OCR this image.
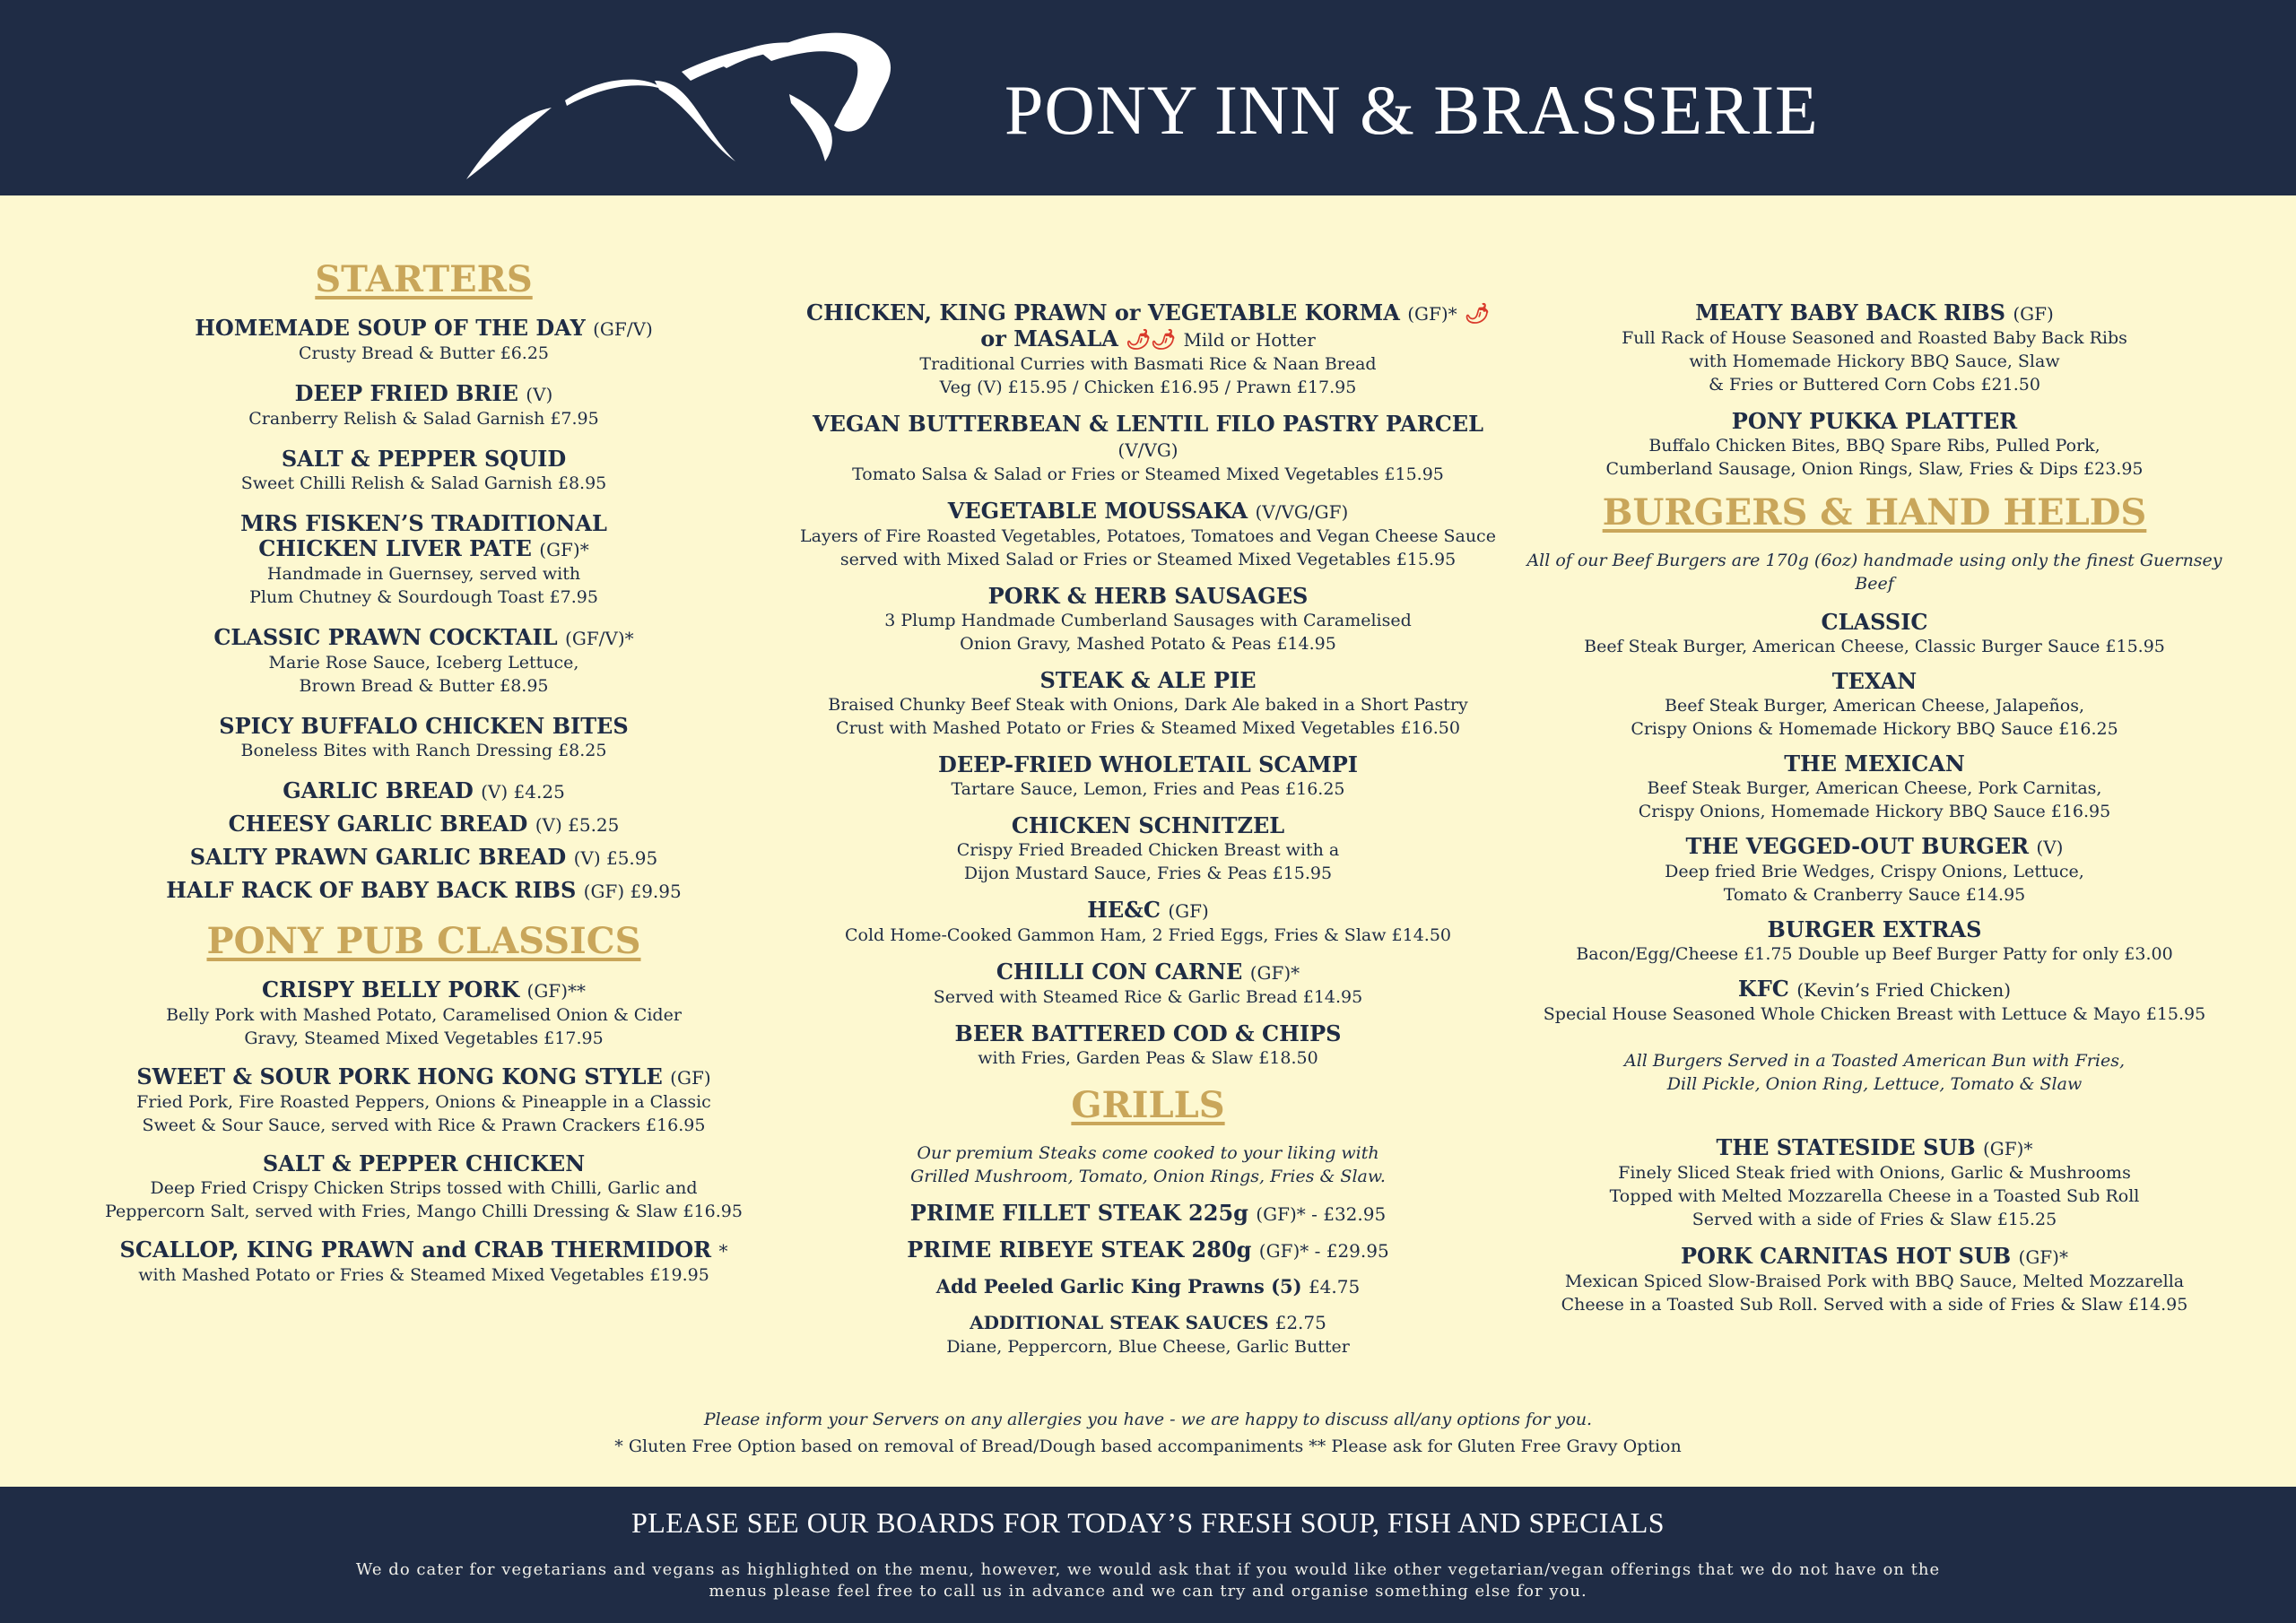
PONY INN & BRASSERIE
STARTERS
HOMEMADE SOUP OF THE DAY (GF/V)
Crusty Bread & Butter £6.25
DEEP FRIED BRIE (V)
Cranberry Relish & Salad Garnish £7.95
SALT & PEPPER SQUID
Sweet Chilli Relish & Salad Garnish £8.95
MRS FISKEN’S TRADITIONAL
CHICKEN LIVER PATE (GF)*
Handmade in Guernsey, served with
Plum Chutney & Sourdough Toast £7.95
CLASSIC PRAWN COCKTAIL (GF/V)*
Marie Rose Sauce, Iceberg Lettuce,
Brown Bread & Butter £8.95
SPICY BUFFALO CHICKEN BITES
Boneless Bites with Ranch Dressing £8.25
GARLIC BREAD (V) £4.25
CHEESY GARLIC BREAD (V) £5.25
SALTY PRAWN GARLIC BREAD (V) £5.95
HALF RACK OF BABY BACK RIBS (GF) £9.95
PONY PUB CLASSICS
CRISPY BELLY PORK (GF)**
Belly Pork with Mashed Potato, Caramelised Onion & Cider
Gravy, Steamed Mixed Vegetables £17.95
SWEET & SOUR PORK HONG KONG STYLE (GF)
Fried Pork, Fire Roasted Peppers, Onions & Pineapple in a Classic
Sweet & Sour Sauce, served with Rice & Prawn Crackers £16.95
SALT & PEPPER CHICKEN
Deep Fried Crispy Chicken Strips tossed with Chilli, Garlic and
Peppercorn Salt, served with Fries, Mango Chilli Dressing & Slaw £16.95
SCALLOP, KING PRAWN and CRAB THERMIDOR *
with Mashed Potato or Fries & Steamed Mixed Vegetables £19.95
CHICKEN, KING PRAWN or VEGETABLE KORMA (GF)* 🌶
or MASALA 🌶🌶 Mild or Hotter
Traditional Curries with Basmati Rice & Naan Bread
Veg (V) £15.95 / Chicken £16.95 / Prawn £17.95
VEGAN BUTTERBEAN & LENTIL FILO PASTRY PARCEL (V/VG)
Tomato Salsa & Salad or Fries or Steamed Mixed Vegetables £15.95
VEGETABLE MOUSSAKA (V/VG/GF)
Layers of Fire Roasted Vegetables, Potatoes, Tomatoes and Vegan Cheese Sauce
served with Mixed Salad or Fries or Steamed Mixed Vegetables £15.95
PORK & HERB SAUSAGES
3 Plump Handmade Cumberland Sausages with Caramelised
Onion Gravy, Mashed Potato & Peas £14.95
STEAK & ALE PIE
Braised Chunky Beef Steak with Onions, Dark Ale baked in a Short Pastry
Crust with Mashed Potato or Fries & Steamed Mixed Vegetables £16.50
DEEP-FRIED WHOLETAIL SCAMPI
Tartare Sauce, Lemon, Fries and Peas £16.25
CHICKEN SCHNITZEL
Crispy Fried Breaded Chicken Breast with a
Dijon Mustard Sauce, Fries & Peas £15.95
HE&C (GF)
Cold Home-Cooked Gammon Ham, 2 Fried Eggs, Fries & Slaw £14.50
CHILLI CON CARNE (GF)*
Served with Steamed Rice & Garlic Bread £14.95
BEER BATTERED COD & CHIPS
with Fries, Garden Peas & Slaw £18.50
GRILLS
Our premium Steaks come cooked to your liking with
Grilled Mushroom, Tomato, Onion Rings, Fries & Slaw.
PRIME FILLET STEAK 225g (GF)* - £32.95
PRIME RIBEYE STEAK 280g (GF)* - £29.95
Add Peeled Garlic King Prawns (5) £4.75
ADDITIONAL STEAK SAUCES £2.75
Diane, Peppercorn, Blue Cheese, Garlic Butter
MEATY BABY BACK RIBS (GF)
Full Rack of House Seasoned and Roasted Baby Back Ribs
with Homemade Hickory BBQ Sauce, Slaw
& Fries or Buttered Corn Cobs £21.50
PONY PUKKA PLATTER
Buffalo Chicken Bites, BBQ Spare Ribs, Pulled Pork,
Cumberland Sausage, Onion Rings, Slaw, Fries & Dips £23.95
BURGERS & HAND HELDS
All of our Beef Burgers are 170g (6oz) handmade using only the finest Guernsey Beef
CLASSIC
Beef Steak Burger, American Cheese, Classic Burger Sauce £15.95
TEXAN
Beef Steak Burger, American Cheese, Jalapeños,
Crispy Onions & Homemade Hickory BBQ Sauce £16.25
THE MEXICAN
Beef Steak Burger, American Cheese, Pork Carnitas,
Crispy Onions, Homemade Hickory BBQ Sauce £16.95
THE VEGGED-OUT BURGER (V)
Deep fried Brie Wedges, Crispy Onions, Lettuce,
Tomato & Cranberry Sauce £14.95
BURGER EXTRAS
Bacon/Egg/Cheese £1.75 Double up Beef Burger Patty for only £3.00
KFC (Kevin’s Fried Chicken)
Special House Seasoned Whole Chicken Breast with Lettuce & Mayo £15.95
All Burgers Served in a Toasted American Bun with Fries,
Dill Pickle, Onion Ring, Lettuce, Tomato & Slaw
THE STATESIDE SUB (GF)*
Finely Sliced Steak fried with Onions, Garlic & Mushrooms
Topped with Melted Mozzarella Cheese in a Toasted Sub Roll
Served with a side of Fries & Slaw £15.25
PORK CARNITAS HOT SUB (GF)*
Mexican Spiced Slow-Braised Pork with BBQ Sauce, Melted Mozzarella
Cheese in a Toasted Sub Roll. Served with a side of Fries & Slaw £14.95
Please inform your Servers on any allergies you have - we are happy to discuss all/any options for you.
* Gluten Free Option based on removal of Bread/Dough based accompaniments ** Please ask for Gluten Free Gravy Option
PLEASE SEE OUR BOARDS FOR TODAY’S FRESH SOUP, FISH AND SPECIALS
We do cater for vegetarians and vegans as highlighted on the menu, however, we would ask that if you would like other vegetarian/vegan offerings that we do not have on the menus please feel free to call us in advance and we can try and organise something else for you.
